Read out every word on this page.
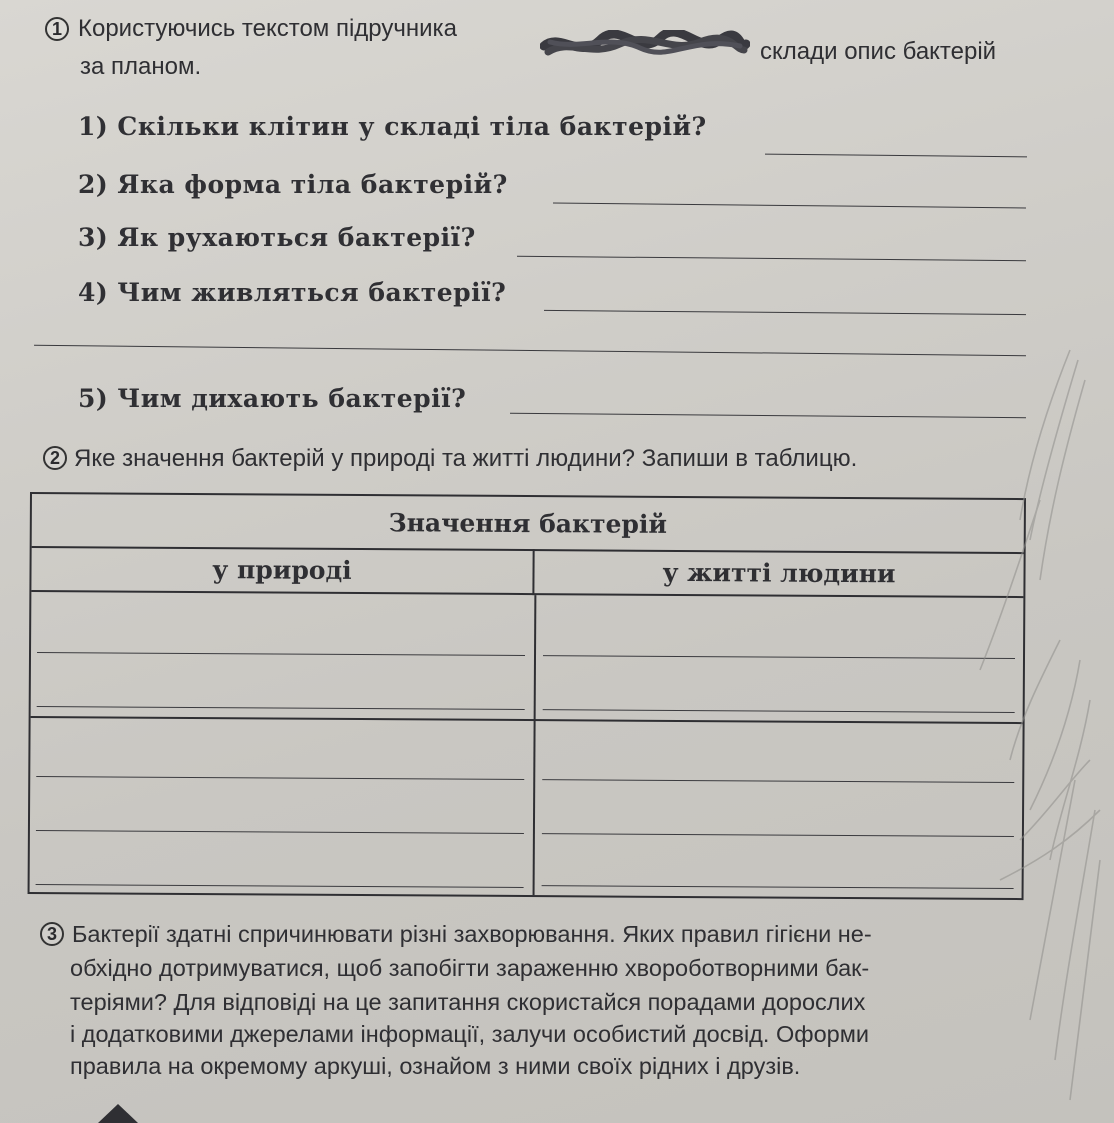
1 Користуючись текстом підручника
склади опис бактерій
за планом.
1) Скільки клітин у складі тіла бактерій?
2) Яка форма тіла бактерій?
3) Як рухаються бактерії?
4) Чим живляться бактерії?
5) Чим дихають бактерії?
2 Яке значення бактерій у природі та житті людини? Запиши в таблицю.
Значення бактерій
у природі	у житті людини
3 Бактерії здатні спричинювати різні захворювання. Яких правил гігієни не-
обхідно дотримуватися, щоб запобігти зараженню хвороботворними бак-
теріями? Для відповіді на це запитання скористайся порадами дорослих
і додатковими джерелами інформації, залучи особистий досвід. Оформи
правила на окремому аркуші, ознайом з ними своїх рідних і друзів.
